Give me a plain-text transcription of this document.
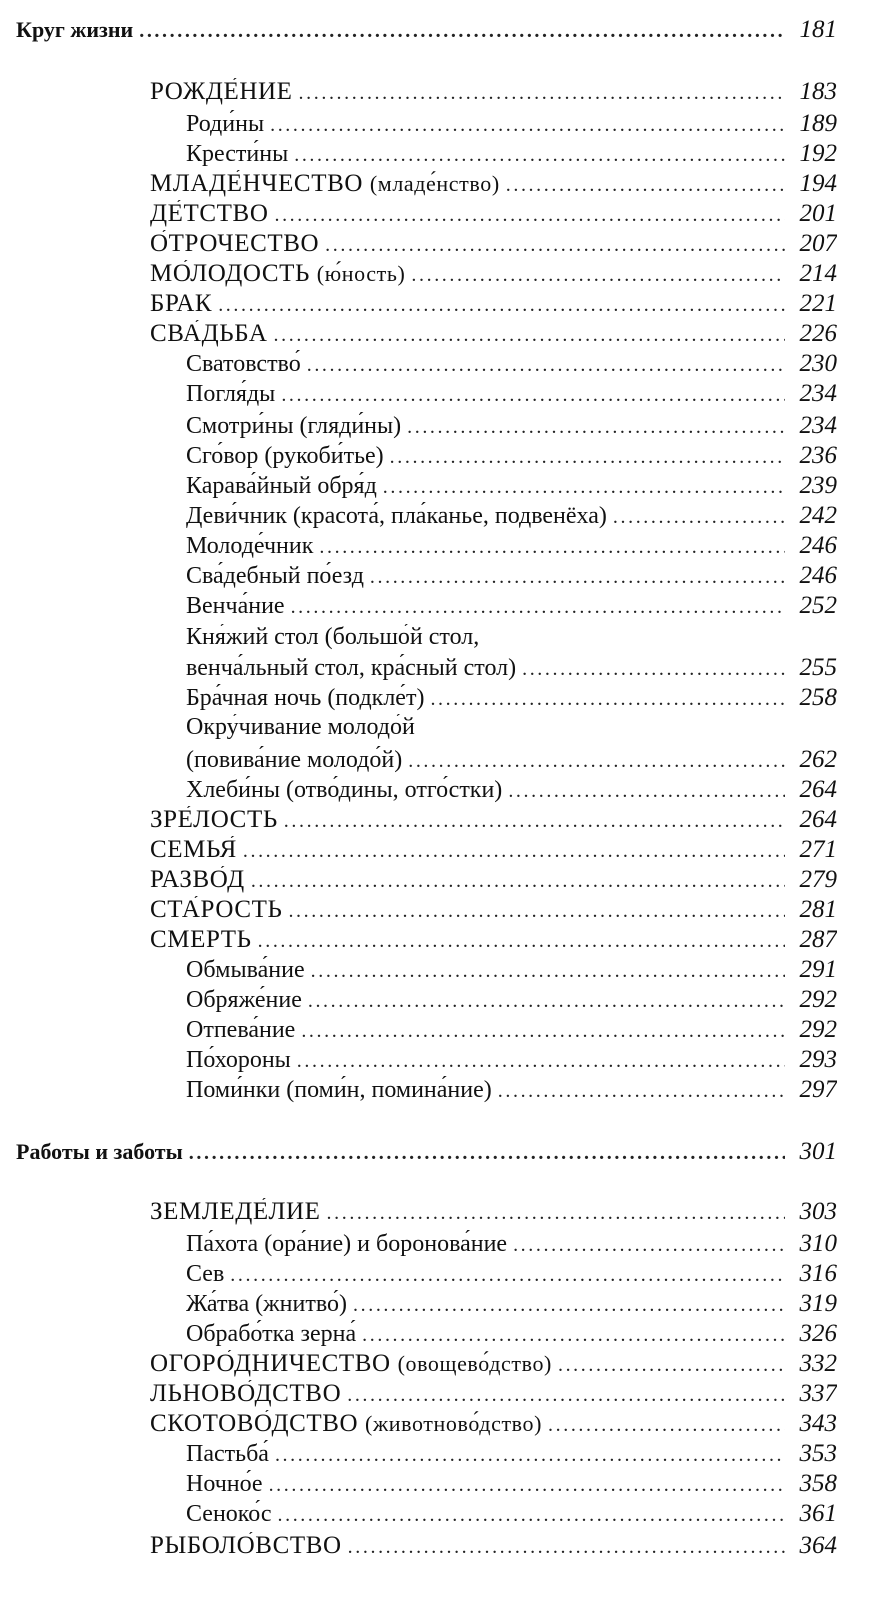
Круг жизни . . .	181
РОЖДЕ́НИЕ . . .	183
Роди́ны . . .	189
Крести́ны . . .	192
МЛАДЕ́НЧЕСТВО (младе́нство) . . .	194
ДЕ́ТСТВО . . .	201
О́ТРОЧЕСТВО . . .	207
МО́ЛОДОСТЬ (ю́ность) . . .	214
БРАК . . .	221
СВА́ДЬБА . . .	226
Сватовство́ . . .	230
Погля́ды . . .	234
Смотри́ны (гляди́ны) . . .	234
Сго́вор (рукоби́тье) . . .	236
Карава́йный обря́д . . .	239
Деви́чник (красота́, пла́канье, подвенёха) . . .	242
Молоде́чник . . .	246
Сва́дебный по́езд . . .	246
Венча́ние . . .	252
Кня́жий стол (большо́й стол,
венча́льный стол, кра́сный стол) . . .	255
Бра́чная ночь (подкле́т) . . .	258
Окру́чивание молодо́й
(повива́ние молодо́й) . . .	262
Хлеби́ны (отво́дины, отго́стки) . . .	264
ЗРЕ́ЛОСТЬ . . .	264
СЕМЬЯ́ . . .	271
РАЗВО́Д . . .	279
СТА́РОСТЬ . . .	281
СМЕРТЬ . . .	287
Обмыва́ние . . .	291
Обряже́ние . . .	292
Отпева́ние . . .	292
По́хороны . . .	293
Поми́нки (поми́н, помина́ние) . . .	297
Работы и заботы . . .	301
ЗЕМЛЕДЕ́ЛИЕ . . .	303
Па́хота (ора́ние) и боронова́ние . . .	310
Сев . . .	316
Жа́тва (жнитво́) . . .	319
Обрабо́тка зерна́ . . .	326
ОГОРО́ДНИЧЕСТВО (овощево́дство) . . .	332
ЛЬНОВО́ДСТВО . . .	337
СКОТОВО́ДСТВО (животново́дство) . . .	343
Пастьба́ . . .	353
Ночно́е . . .	358
Сеноко́с . . .	361
РЫБОЛО́ВСТВО . . .	364
